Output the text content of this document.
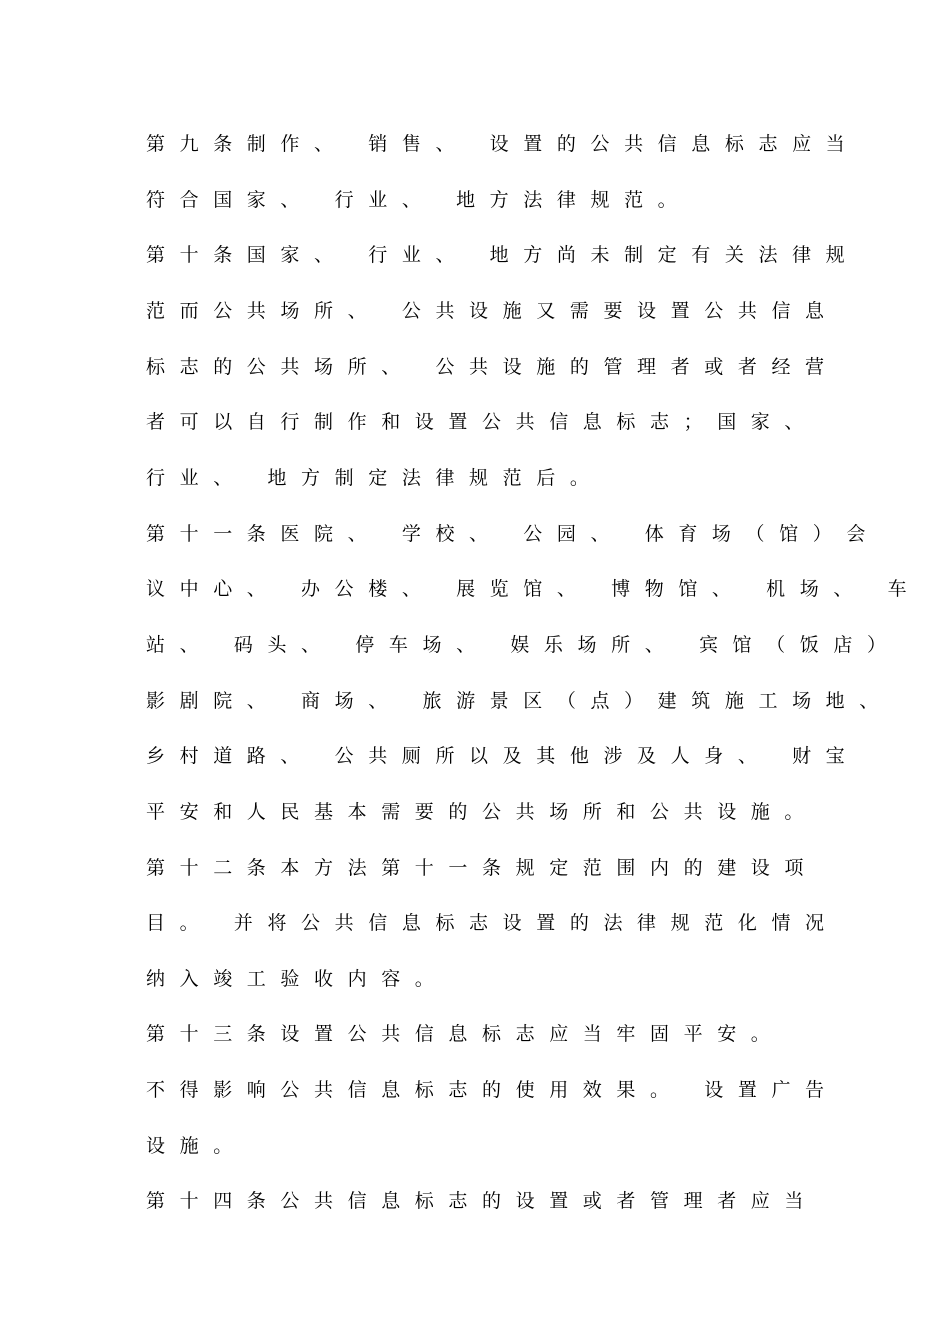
第九条制作、 销售、 设置的公共信息标志应当
符合国家、 行业、 地方法律规范。
第十条国家、 行业、 地方尚未制定有关法律规
范而公共场所、 公共设施又需要设置公共信息
标志的公共场所、 公共设施的管理者或者经营
者可以自行制作和设置公共信息标志；国家、
行业、 地方制定法律规范后。
第十一条医院、 学校、 公园、 体育场（馆）会
议中心、 办公楼、 展览馆、 博物馆、 机场、 车
站、 码头、 停车场、 娱乐场所、 宾馆（饭店）
影剧院、 商场、 旅游景区（点）建筑施工场地、
乡村道路、 公共厕所以及其他涉及人身、 财宝
平安和人民基本需要的公共场所和公共设施。
第十二条本方法第十一条规定范围内的建设项
目。 并将公共信息标志设置的法律规范化情况
纳入竣工验收内容。
第十三条设置公共信息标志应当牢固平安。
不得影响公共信息标志的使用效果。 设置广告
设施。
第十四条公共信息标志的设置或者管理者应当
